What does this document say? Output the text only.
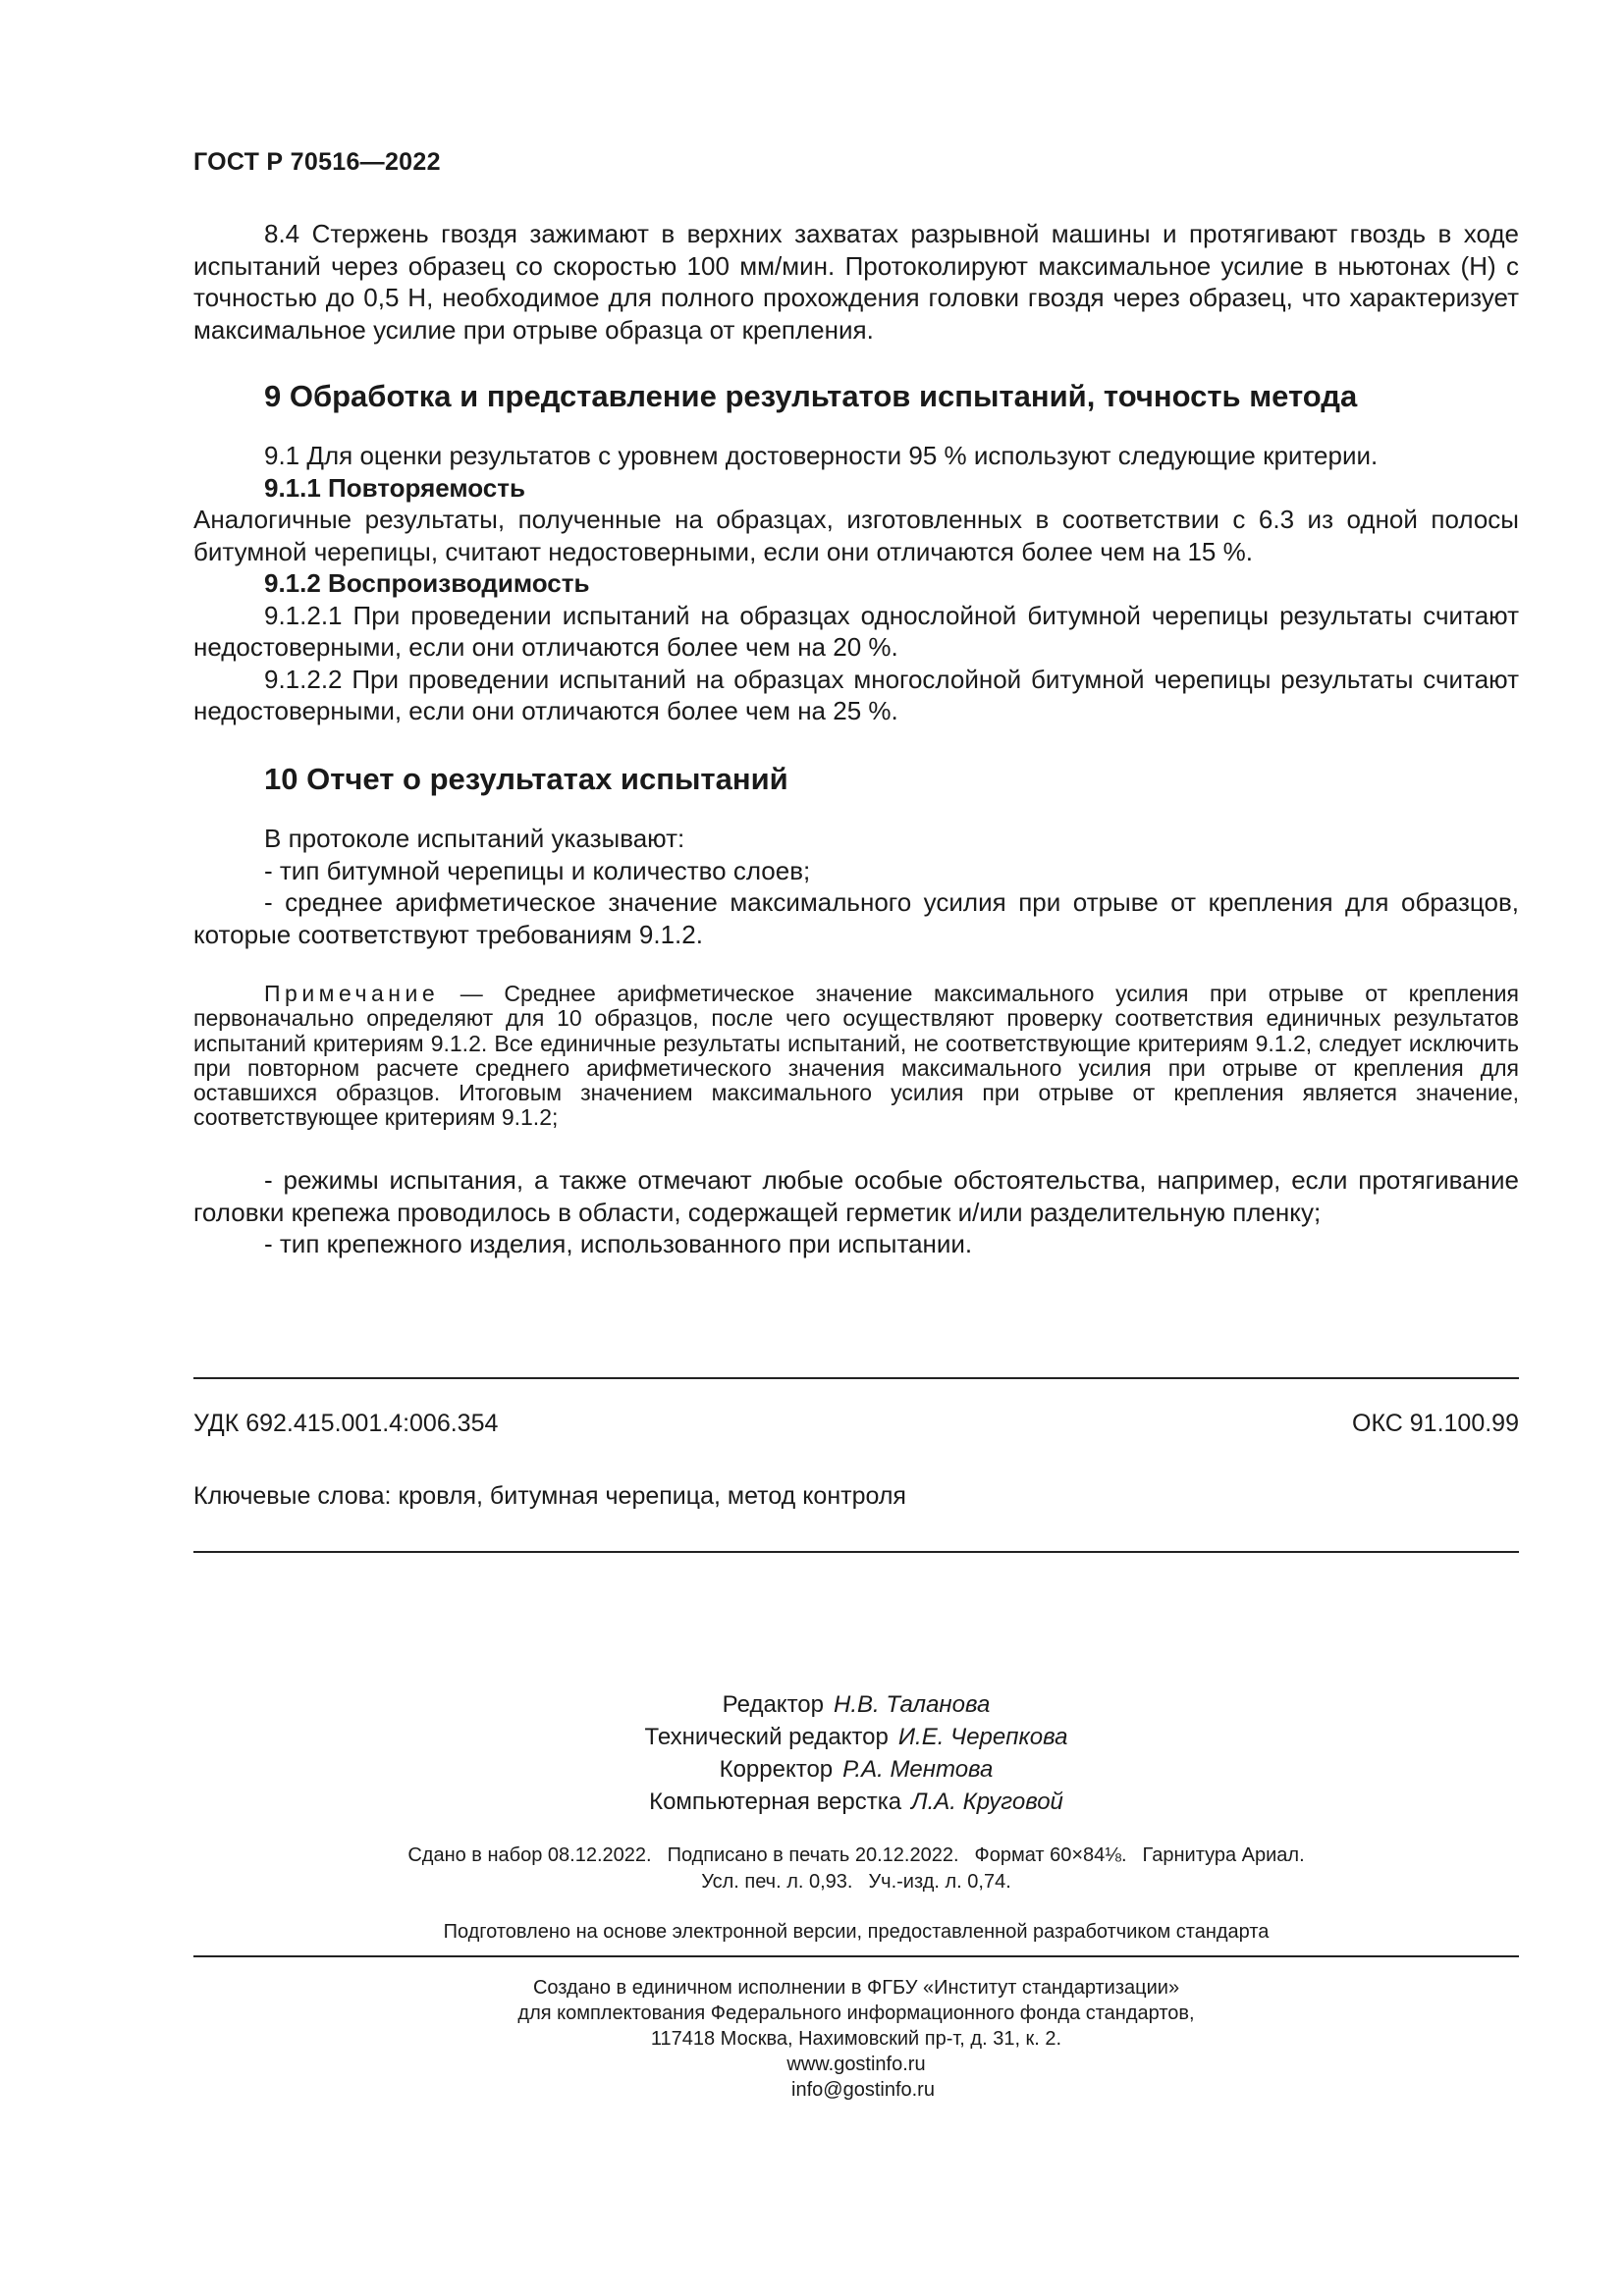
ГОСТ Р 70516—2022

8.4 Стержень гвоздя зажимают в верхних захватах разрывной машины и протягивают гвоздь в ходе испытаний через образец со скоростью 100 мм/мин. Протоколируют максимальное усилие в ньютонах (Н) с точностью до 0,5 Н, необходимое для полного прохождения головки гвоздя через образец, что характеризует максимальное усилие при отрыве образца от крепления.

9 Обработка и представление результатов испытаний, точность метода

9.1 Для оценки результатов с уровнем достоверности 95 % используют следующие критерии.

9.1.1 Повторяемость

Аналогичные результаты, полученные на образцах, изготовленных в соответствии с 6.3 из одной полосы битумной черепицы, считают недостоверными, если они отличаются более чем на 15 %.

9.1.2 Воспроизводимость

9.1.2.1 При проведении испытаний на образцах однослойной битумной черепицы результаты считают недостоверными, если они отличаются более чем на 20 %.

9.1.2.2 При проведении испытаний на образцах многослойной битумной черепицы результаты считают недостоверными, если они отличаются более чем на 25 %.

10 Отчет о результатах испытаний

В протоколе испытаний указывают:

- тип битумной черепицы и количество слоев;

- среднее арифметическое значение максимального усилия при отрыве от крепления для образцов, которые соответствуют требованиям 9.1.2.

Примечание — Среднее арифметическое значение максимального усилия при отрыве от крепления первоначально определяют для 10 образцов, после чего осуществляют проверку соответствия единичных результатов испытаний критериям 9.1.2. Все единичные результаты испытаний, не соответствующие критериям 9.1.2, следует исключить при повторном расчете среднего арифметического значения максимального усилия при отрыве от крепления для оставшихся образцов. Итоговым значением максимального усилия при отрыве от крепления является значение, соответствующее критериям 9.1.2;

- режимы испытания, а также отмечают любые особые обстоятельства, например, если протягивание головки крепежа проводилось в области, содержащей герметик и/или разделительную пленку;

- тип крепежного изделия, использованного при испытании.

УДК 692.415.001.4:006.354	ОКС 91.100.99
Ключевые слова: кровля, битумная черепица, метод контроля
Редактор Н.В. Таланова
Технический редактор И.Е. Черепкова
Корректор Р.А. Ментова
Компьютерная верстка Л.А. Круговой
Сдано в набор 08.12.2022. Подписано в печать 20.12.2022. Формат 60×84⅛. Гарнитура Ариал.
Усл. печ. л. 0,93. Уч.-изд. л. 0,74.
Подготовлено на основе электронной версии, предоставленной разработчиком стандарта
Создано в единичном исполнении в ФГБУ «Институт стандартизации»
для комплектования Федерального информационного фонда стандартов,
117418 Москва, Нахимовский пр-т, д. 31, к. 2.
www.gostinfo.ru
info@gostinfo.ru
